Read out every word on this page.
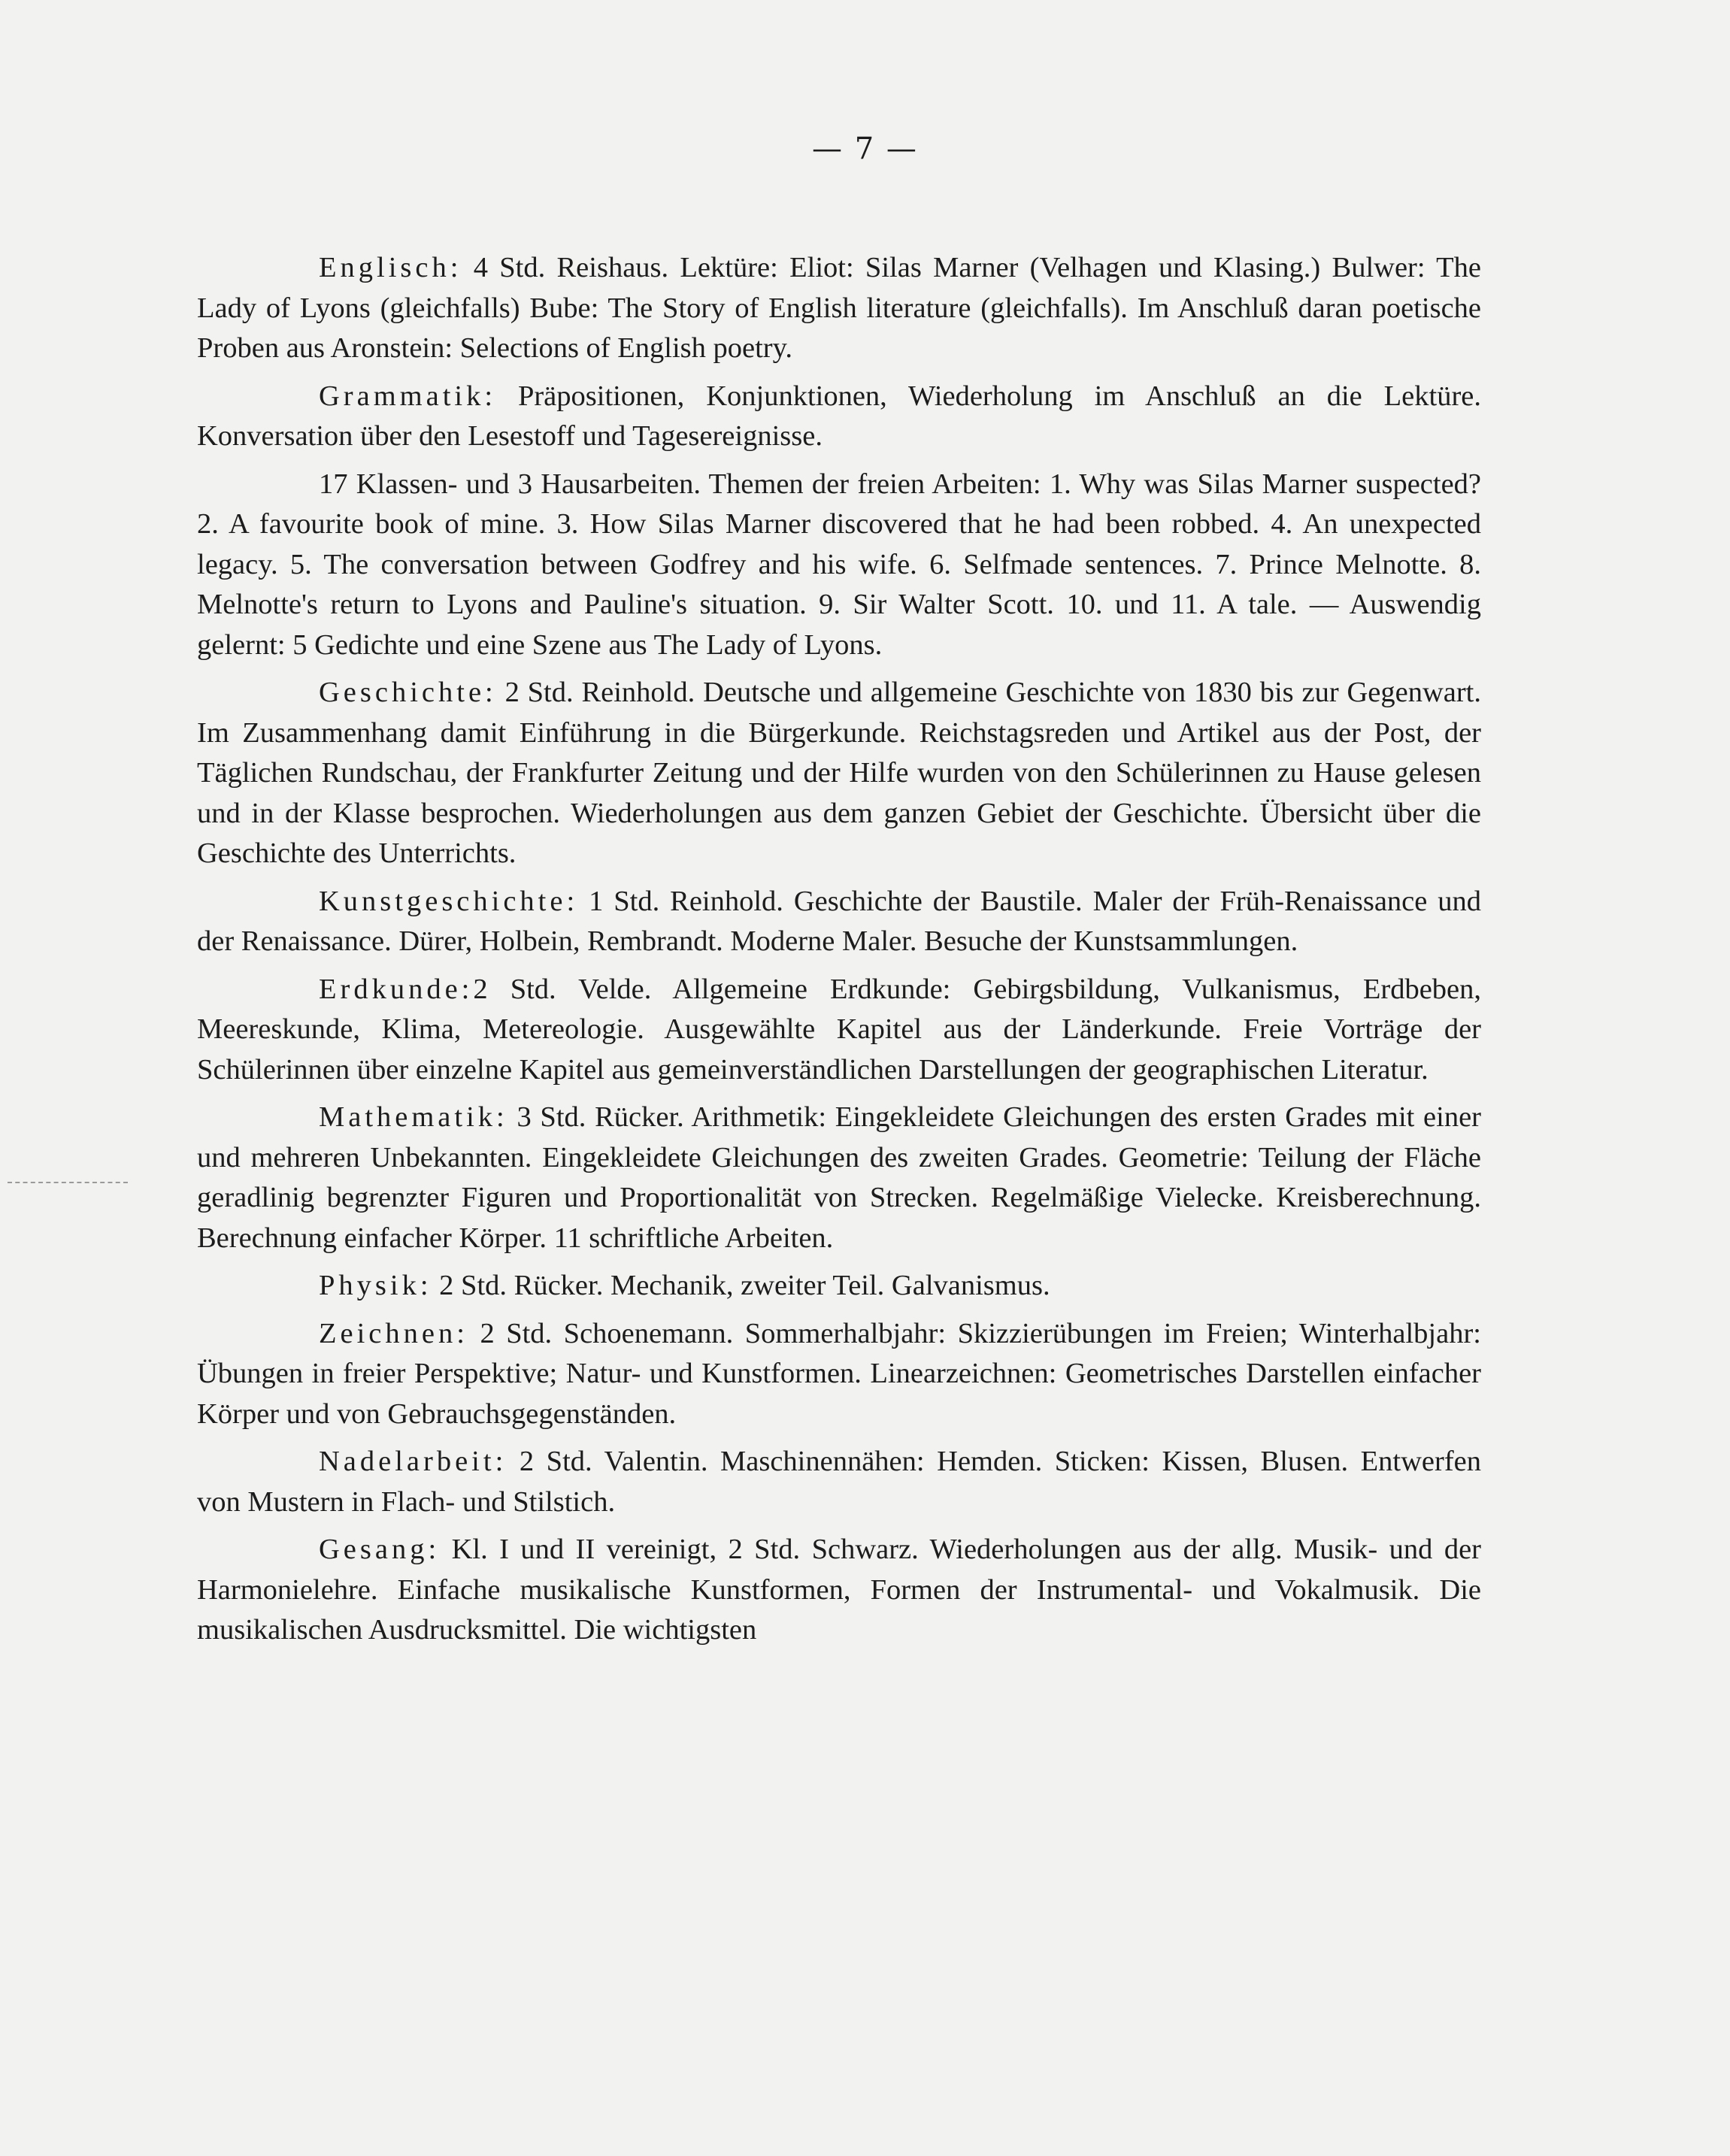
— 7 —

Englisch: 4 Std. Reishaus. Lektüre: Eliot: Silas Marner (Velhagen und Klasing.) Bulwer: The Lady of Lyons (gleichfalls) Bube: The Story of English literature (gleichfalls). Im Anschluß daran poetische Proben aus Aronstein: Selections of English poetry.

Grammatik: Präpositionen, Konjunktionen, Wiederholung im Anschluß an die Lektüre. Konversation über den Lesestoff und Tagesereignisse.

17 Klassen- und 3 Hausarbeiten. Themen der freien Arbeiten: 1. Why was Silas Marner suspected? 2. A favourite book of mine. 3. How Silas Marner discovered that he had been robbed. 4. An unexpected legacy. 5. The conversation between Godfrey and his wife. 6. Selfmade sentences. 7. Prince Melnotte. 8. Melnotte's return to Lyons and Pauline's situation. 9. Sir Walter Scott. 10. und 11. A tale. — Auswendig gelernt: 5 Gedichte und eine Szene aus The Lady of Lyons.

Geschichte: 2 Std. Reinhold. Deutsche und allgemeine Geschichte von 1830 bis zur Gegenwart. Im Zusammenhang damit Einführung in die Bürgerkunde. Reichstagsreden und Artikel aus der Post, der Täglichen Rundschau, der Frankfurter Zeitung und der Hilfe wurden von den Schülerinnen zu Hause gelesen und in der Klasse besprochen. Wiederholungen aus dem ganzen Gebiet der Geschichte. Übersicht über die Geschichte des Unterrichts.

Kunstgeschichte: 1 Std. Reinhold. Geschichte der Baustile. Maler der Früh-Renaissance und der Renaissance. Dürer, Holbein, Rembrandt. Moderne Maler. Besuche der Kunstsammlungen.

Erdkunde:2 Std. Velde. Allgemeine Erdkunde: Gebirgsbildung, Vulkanismus, Erdbeben, Meereskunde, Klima, Metereologie. Ausgewählte Kapitel aus der Länderkunde. Freie Vorträge der Schülerinnen über einzelne Kapitel aus gemeinverständlichen Darstellungen der geographischen Literatur.

Mathematik: 3 Std. Rücker. Arithmetik: Eingekleidete Gleichungen des ersten Grades mit einer und mehreren Unbekannten. Eingekleidete Gleichungen des zweiten Grades. Geometrie: Teilung der Fläche geradlinig begrenzter Figuren und Proportionalität von Strecken. Regelmäßige Vielecke. Kreisberechnung. Berechnung einfacher Körper. 11 schriftliche Arbeiten.

Physik: 2 Std. Rücker. Mechanik, zweiter Teil. Galvanismus.

Zeichnen: 2 Std. Schoenemann. Sommerhalbjahr: Skizzierübungen im Freien; Winterhalbjahr: Übungen in freier Perspektive; Natur- und Kunstformen. Linearzeichnen: Geometrisches Darstellen einfacher Körper und von Gebrauchsgegenständen.

Nadelarbeit: 2 Std. Valentin. Maschinennähen: Hemden. Sticken: Kissen, Blusen. Entwerfen von Mustern in Flach- und Stilstich.

Gesang: Kl. I und II vereinigt, 2 Std. Schwarz. Wiederholungen aus der allg. Musik- und der Harmonielehre. Einfache musikalische Kunstformen, Formen der Instrumental- und Vokalmusik. Die musikalischen Ausdrucksmittel. Die wichtigsten
